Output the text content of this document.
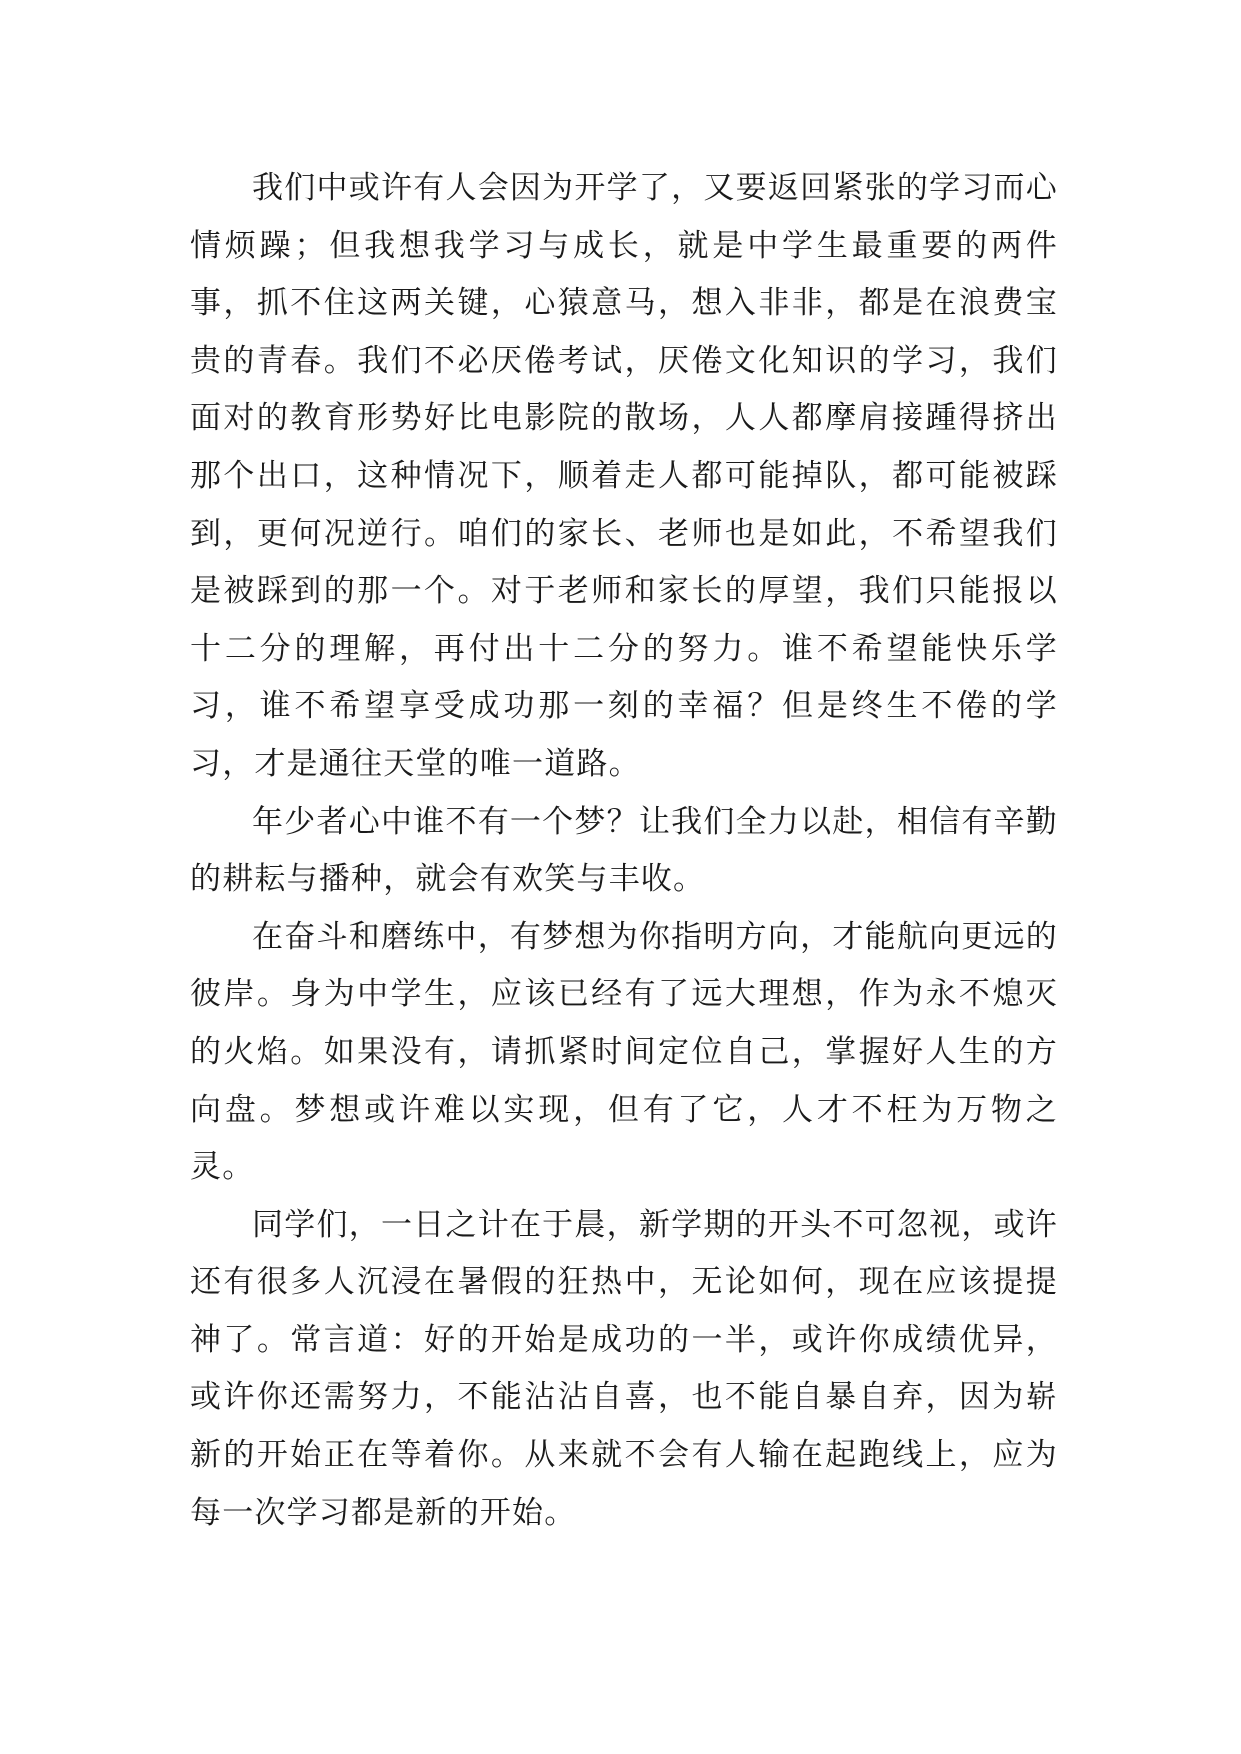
我们中或许有人会因为开学了，又要返回紧张的学习而心情烦躁；但我想我学习与成长，就是中学生最重要的两件事，抓不住这两关键，心猿意马，想入非非，都是在浪费宝贵的青春。我们不必厌倦考试，厌倦文化知识的学习，我们面对的教育形势好比电影院的散场，人人都摩肩接踵得挤出那个出口，这种情况下，顺着走人都可能掉队，都可能被踩到，更何况逆行。咱们的家长、老师也是如此，不希望我们是被踩到的那一个。对于老师和家长的厚望，我们只能报以十二分的理解，再付出十二分的努力。谁不希望能快乐学习，谁不希望享受成功那一刻的幸福？但是终生不倦的学习，才是通往天堂的唯一道路。

年少者心中谁不有一个梦？让我们全力以赴，相信有辛勤的耕耘与播种，就会有欢笑与丰收。

在奋斗和磨练中，有梦想为你指明方向，才能航向更远的彼岸。身为中学生，应该已经有了远大理想，作为永不熄灭的火焰。如果没有，请抓紧时间定位自己，掌握好人生的方向盘。梦想或许难以实现，但有了它，人才不枉为万物之灵。

同学们，一日之计在于晨，新学期的开头不可忽视，或许还有很多人沉浸在暑假的狂热中，无论如何，现在应该提提神了。常言道：好的开始是成功的一半，或许你成绩优异，或许你还需努力，不能沾沾自喜，也不能自暴自弃，因为崭新的开始正在等着你。从来就不会有人输在起跑线上，应为每一次学习都是新的开始。
